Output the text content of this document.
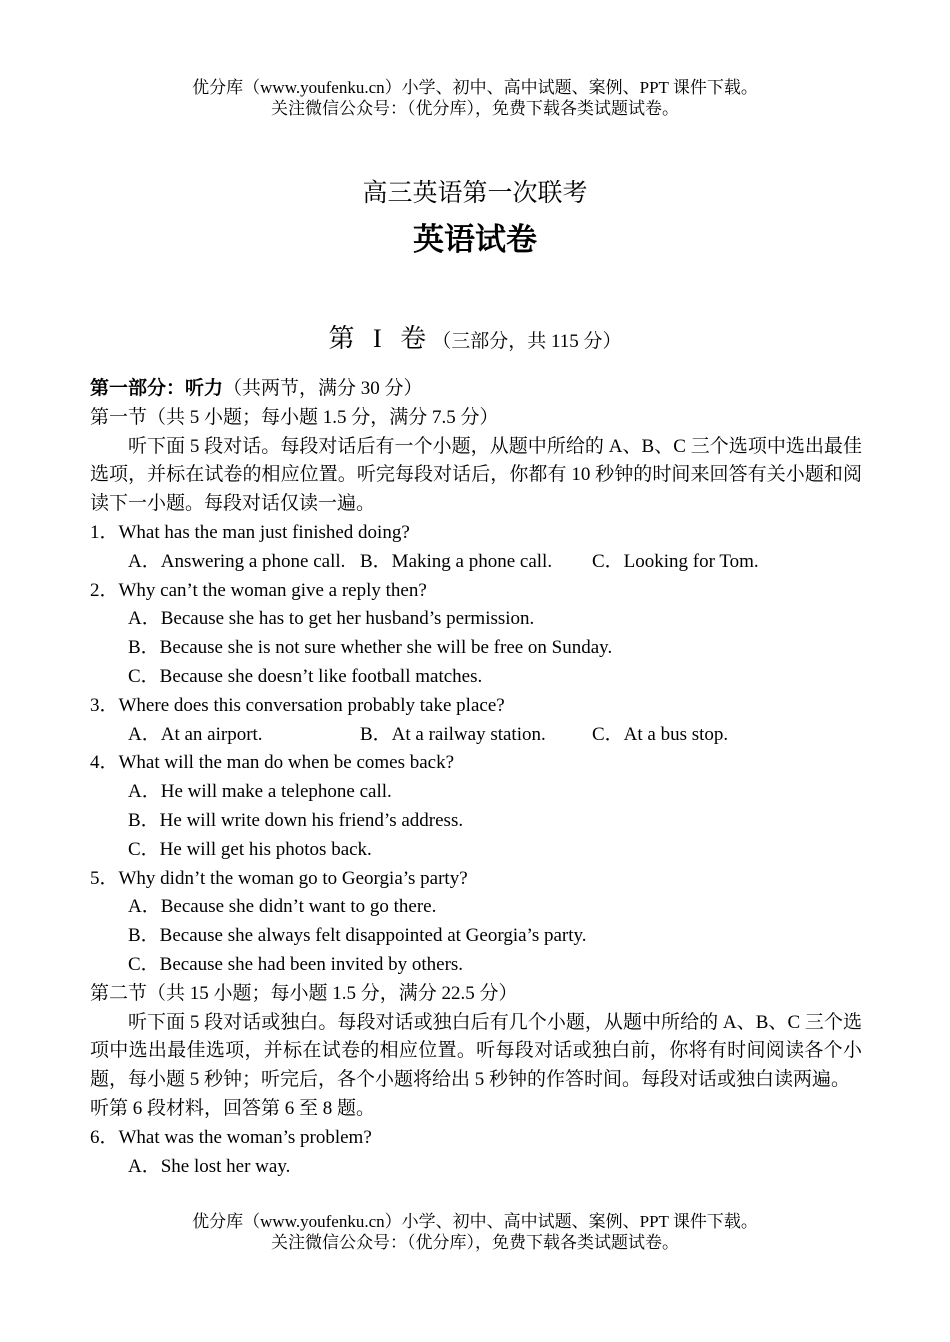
优分库（www.youfenku.cn）小学、初中、高中试题、案例、PPT 课件下载。
关注微信公众号：（优分库），免费下载各类试题试卷。
高三英语第一次联考
英语试卷
第 I 卷（三部分，共 115 分）
第一部分：听力（共两节，满分 30 分）
第一节（共 5 小题；每小题 1.5 分，满分 7.5 分）
听下面 5 段对话。每段对话后有一个小题，从题中所给的 A、B、C 三个选项中选出最佳选项，并标在试卷的相应位置。听完每段对话后，你都有 10 秒钟的时间来回答有关小题和阅读下一小题。每段对话仅读一遍。
1．What has the man just finished doing?
A．Answering a phone call. B．Making a phone call. C．Looking for Tom.
2．Why can’t the woman give a reply then?
A．Because she has to get her husband’s permission.
B．Because she is not sure whether she will be free on Sunday.
C．Because she doesn’t like football matches.
3．Where does this conversation probably take place?
A．At an airport.	B．At a railway station. C．At a bus stop.
4．What will the man do when be comes back?
A．He will make a telephone call.
B．He will write down his friend’s address.
C．He will get his photos back.
5．Why didn’t the woman go to Georgia’s party?
A．Because she didn’t want to go there.
B．Because she always felt disappointed at Georgia’s party.
C．Because she had been invited by others.
第二节（共 15 小题；每小题 1.5 分，满分 22.5 分）
听下面 5 段对话或独白。每段对话或独白后有几个小题，从题中所给的 A、B、C 三个选项中选出最佳选项，并标在试卷的相应位置。听每段对话或独白前，你将有时间阅读各个小题，每小题 5 秒钟；听完后，各个小题将给出 5 秒钟的作答时间。每段对话或独白读两遍。
听第 6 段材料，回答第 6 至 8 题。
6．What was the woman’s problem?
A．She lost her way.
优分库（www.youfenku.cn）小学、初中、高中试题、案例、PPT 课件下载。
关注微信公众号：（优分库），免费下载各类试题试卷。
